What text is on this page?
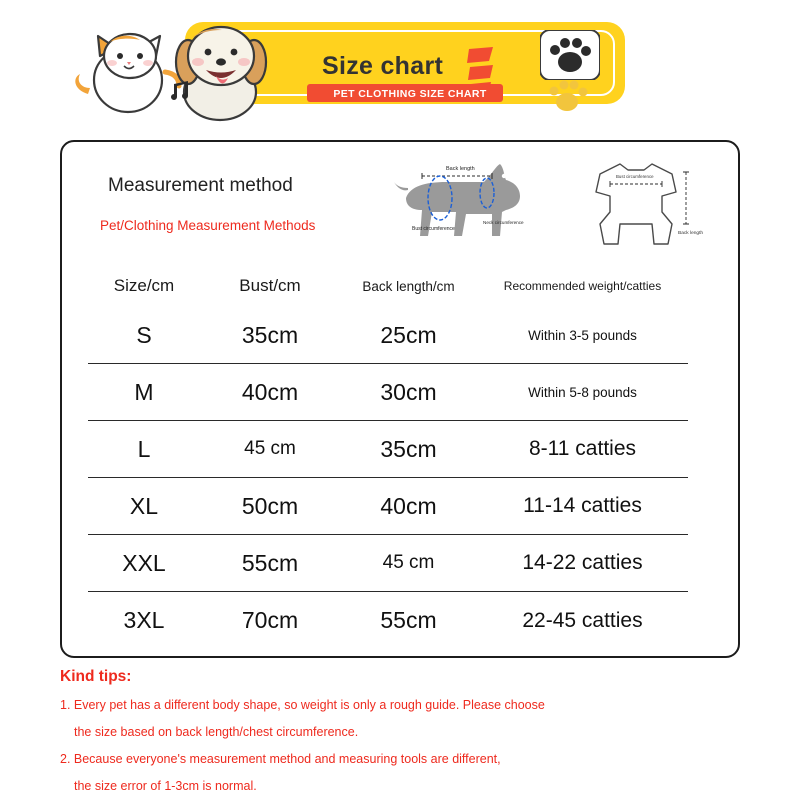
Size chart
PET CLOTHING SIZE CHART
Measurement method
Pet/Clothing Measurement Methods
Back length
Bust circumference
Neck circumference
Bust circumference
Back length
Size/cm	Bust/cm	Back length/cm	Recommended weight/catties
S	35cm	25cm	Within 3-5 pounds
M	40cm	30cm	Within 5-8 pounds
L	45 cm	35cm	8-11 catties
XL	50cm	40cm	11-14 catties
XXL	55cm	45 cm	14-22 catties
3XL	70cm	55cm	22-45 catties
Kind tips:
1. Every pet has a different body shape, so weight is only a rough guide. Please choose
the size based on back length/chest circumference.
2. Because everyone's measurement method and measuring tools are different,
the size error of 1-3cm is normal.
